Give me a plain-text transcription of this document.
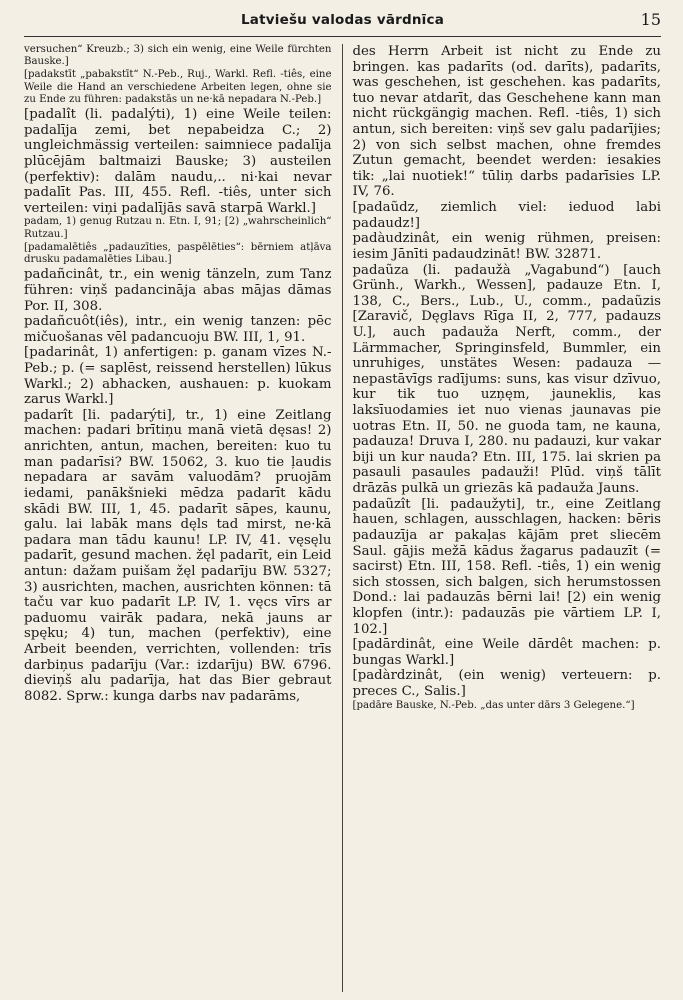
Latviešu valodas vārdnīca	15

versuchen“ Kreuzb.; 3) sich ein wenig, eine Weile fürchten Bauske.]

[padakstīt „pabakstīt“ N.-Peb., Ruj., Warkl. Refl. -tiês, eine Weile die Hand an verschiedene Arbeiten legen, ohne sie zu Ende zu führen: padakstās un ne·kā nepadara N.-Peb.]

[padalît (li. padalýti), 1) eine Weile teilen: padalīja zemi, bet nepabeidza C.; 2) ungleichmässig verteilen: saimniece padalīja plūcējām baltmaizi Bauske; 3) austeilen (perfektiv): dalām naudu,.. ni·kai nevar padalīt Pas. III, 455. Refl. -tiês, unter sich verteilen: viņi padalījās savā starpā Warkl.]

padam, 1) genug Rutzau n. Etn. I, 91; [2) „wahrscheinlich“ Rutzau.]

[padamalētiês „padauzīties, paspēlēties“: bērniem atļāva drusku padamalēties Libau.]

padañcinât, tr., ein wenig tänzeln, zum Tanz führen: viņš padancināja abas mājas dāmas Por. II, 308.

padañcuôt(iês), intr., ein wenig tanzen: pēc mičuošanas vēl padancuoju BW. III, 1, 91.

[padarinât, 1) anfertigen: p. ganam vīzes N.-Peb.; p. (= saplēst, reissend herstellen) lūkus Warkl.; 2) abhacken, aushauen: p. kuokam zarus Warkl.]

padarît [li. padarýti], tr., 1) eine Zeitlang machen: padari brītiņu manā vietā dęsas! 2) anrichten, antun, machen, bereiten: kuo tu man padarīsi? BW. 15062, 3. kuo tie ļaudis nepadara ar savām valuodām? pruojām iedami, panākšnieki mēdza padarīt kādu skādi BW. III, 1, 45. padarīt sāpes, kaunu, galu. lai labāk mans dęls tad mirst, ne·kā padara man tādu kaunu! LP. IV, 41. vęsęlu padarīt, gesund machen. žęl padarīt, ein Leid antun: dažam puišam žęl padarīju BW. 5327; 3) ausrichten, machen, ausrichten können: tā taču var kuo padarīt LP. IV, 1. vęcs vīrs ar paduomu vairāk padara, nekā jauns ar spęku; 4) tun, machen (perfektiv), eine Arbeit beenden, verrichten, vollenden: trīs darbiņus padarīju (Var.: izdarīju) BW. 6796. dieviņš alu padarīja, hat das Bier gebraut 8082. Sprw.: kunga darbs nav padarāms,

des Herrn Arbeit ist nicht zu Ende zu bringen. kas padarīts (od. darīts), padarīts, was geschehen, ist geschehen. kas padarīts, tuo nevar atdarīt, das Geschehene kann man nicht rückgängig machen. Refl. -tiês, 1) sich antun, sich bereiten: viņš sev galu padarījies; 2) von sich selbst machen, ohne fremdes Zutun gemacht, beendet werden: iesakies tik: „lai nuotiek!“ tūliņ darbs padarīsies LP. IV, 76.

[padaũdz, ziemlich viel: ieduod labi padaudz!]

padàudzinât, ein wenig rühmen, preisen: iesim Jānīti padaudzināt! BW. 32871.

padaũza (li. padaužà „Vagabund“) [auch Grünh., Warkh., Wessen], padauze Etn. I, 138, C., Bers., Lub., U., comm., padaũzis [Zaravič, Dęglavs Rīga II, 2, 777, padauzs U.], auch padauža Nerft, comm., der Lärmmacher, Springinsfeld, Bummler, ein unruhiges, unstätes Wesen: padauza — nepastāvīgs radījums: suns, kas visur dzīvuo, kur tik tuo uzņęm, jauneklis, kas laksīuodamies iet nuo vienas jaunavas pie uotras Etn. II, 50. ne guoda tam, ne kauna, padauza! Druva I, 280. nu padauzi, kur vakar biji un kur nauda? Etn. III, 175. lai skrien pa pasauli pasaules padauži! Plūd. viņš tālīt drāzās pulkā un griezās kā padauža Jauns.

padaũzît [li. padaužyti], tr., eine Zeitlang hauen, schlagen, ausschlagen, hacken: bēris padauzīja ar pakaļas kājām pret sliecēm Saul. gājis mežā kādus žagarus padauzīt (= sacirst) Etn. III, 158. Refl. -tiês, 1) ein wenig sich stossen, sich balgen, sich herumstossen Dond.: lai padauzās bērni lai! [2) ein wenig klopfen (intr.): padauzās pie vārtiem LP. I, 102.]

[padārdinât, eine Weile dārdêt machen: p. bungas Warkl.]

[padàrdzinât, (ein wenig) verteuern: p. preces C., Salis.]

[padāre Bauske, N.-Peb. „das unter dārs 3 Gelegene.“]
